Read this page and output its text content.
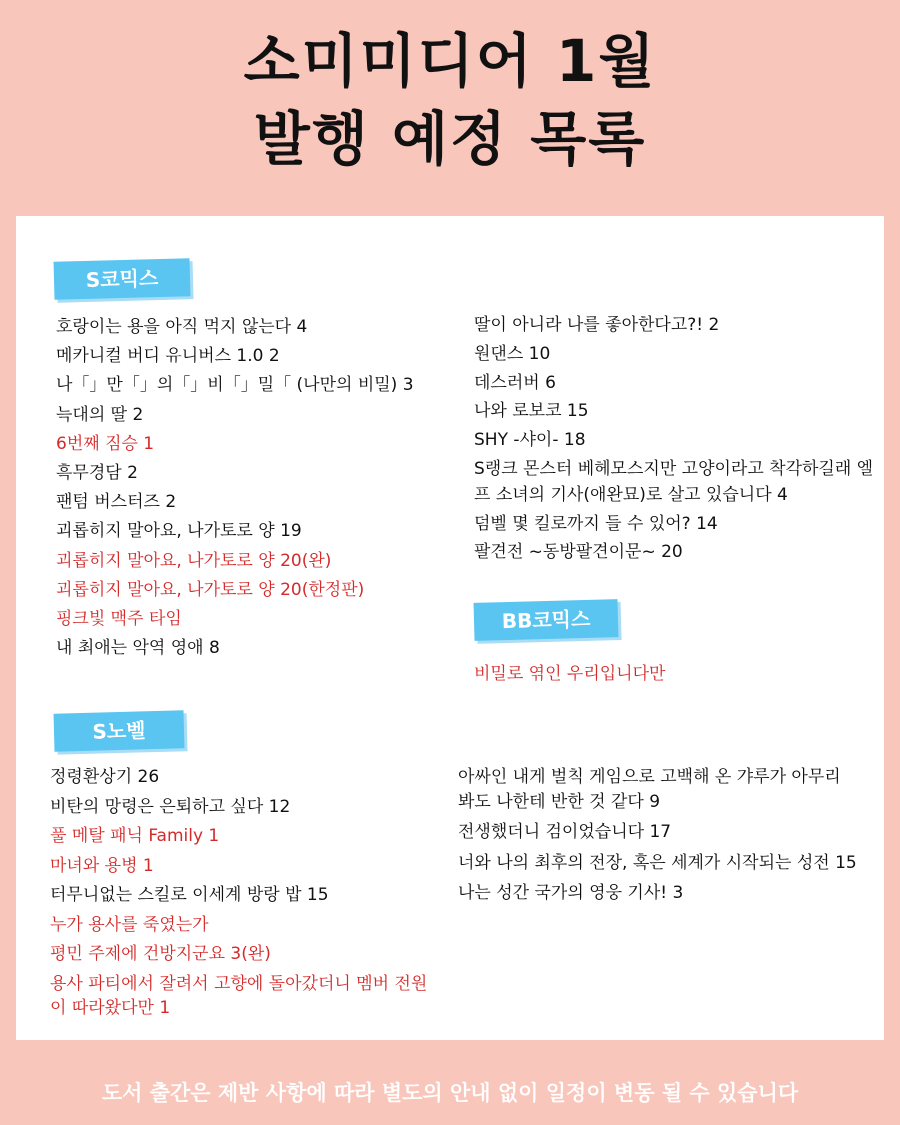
소미미디어 1월
발행 예정 목록
S코믹스
호랑이는 용을 아직 먹지 않는다 4
메카니컬 버디 유니버스 1.0 2
나「」만「」의「」비「」밀「 (나만의 비밀) 3
늑대의 딸 2
6번째 짐승 1
흑무경담 2
팬텀 버스터즈 2
괴롭히지 말아요, 나가토로 양 19
괴롭히지 말아요, 나가토로 양 20(완)
괴롭히지 말아요, 나가토로 양 20(한정판)
핑크빛 맥주 타임
내 최애는 악역 영애 8
딸이 아니라 나를 좋아한다고?! 2
원댄스 10
데스러버 6
나와 로보코 15
SHY -샤이- 18
S랭크 몬스터 베헤모스지만 고양이라고 착각하길래 엘프 소녀의 기사(애완묘)로 살고 있습니다 4
덤벨 몇 킬로까지 들 수 있어? 14
팔견전 ~동방팔견이문~ 20
BB코믹스
비밀로 엮인 우리입니다만
S노벨
정령환상기 26
비탄의 망령은 은퇴하고 싶다 12
풀 메탈 패닉 Family 1
마녀와 용병 1
터무니없는 스킬로 이세계 방랑 밥 15
누가 용사를 죽였는가
평민 주제에 건방지군요 3(완)
용사 파티에서 잘려서 고향에 돌아갔더니 멤버 전원이 따라왔다만 1
아싸인 내게 벌칙 게임으로 고백해 온 갸루가 아무리 봐도 나한테 반한 것 같다 9
전생했더니 검이었습니다 17
너와 나의 최후의 전장, 혹은 세계가 시작되는 성전 15
나는 성간 국가의 영웅 기사! 3
도서 출간은 제반 사항에 따라 별도의 안내 없이 일정이 변동 될 수 있습니다
